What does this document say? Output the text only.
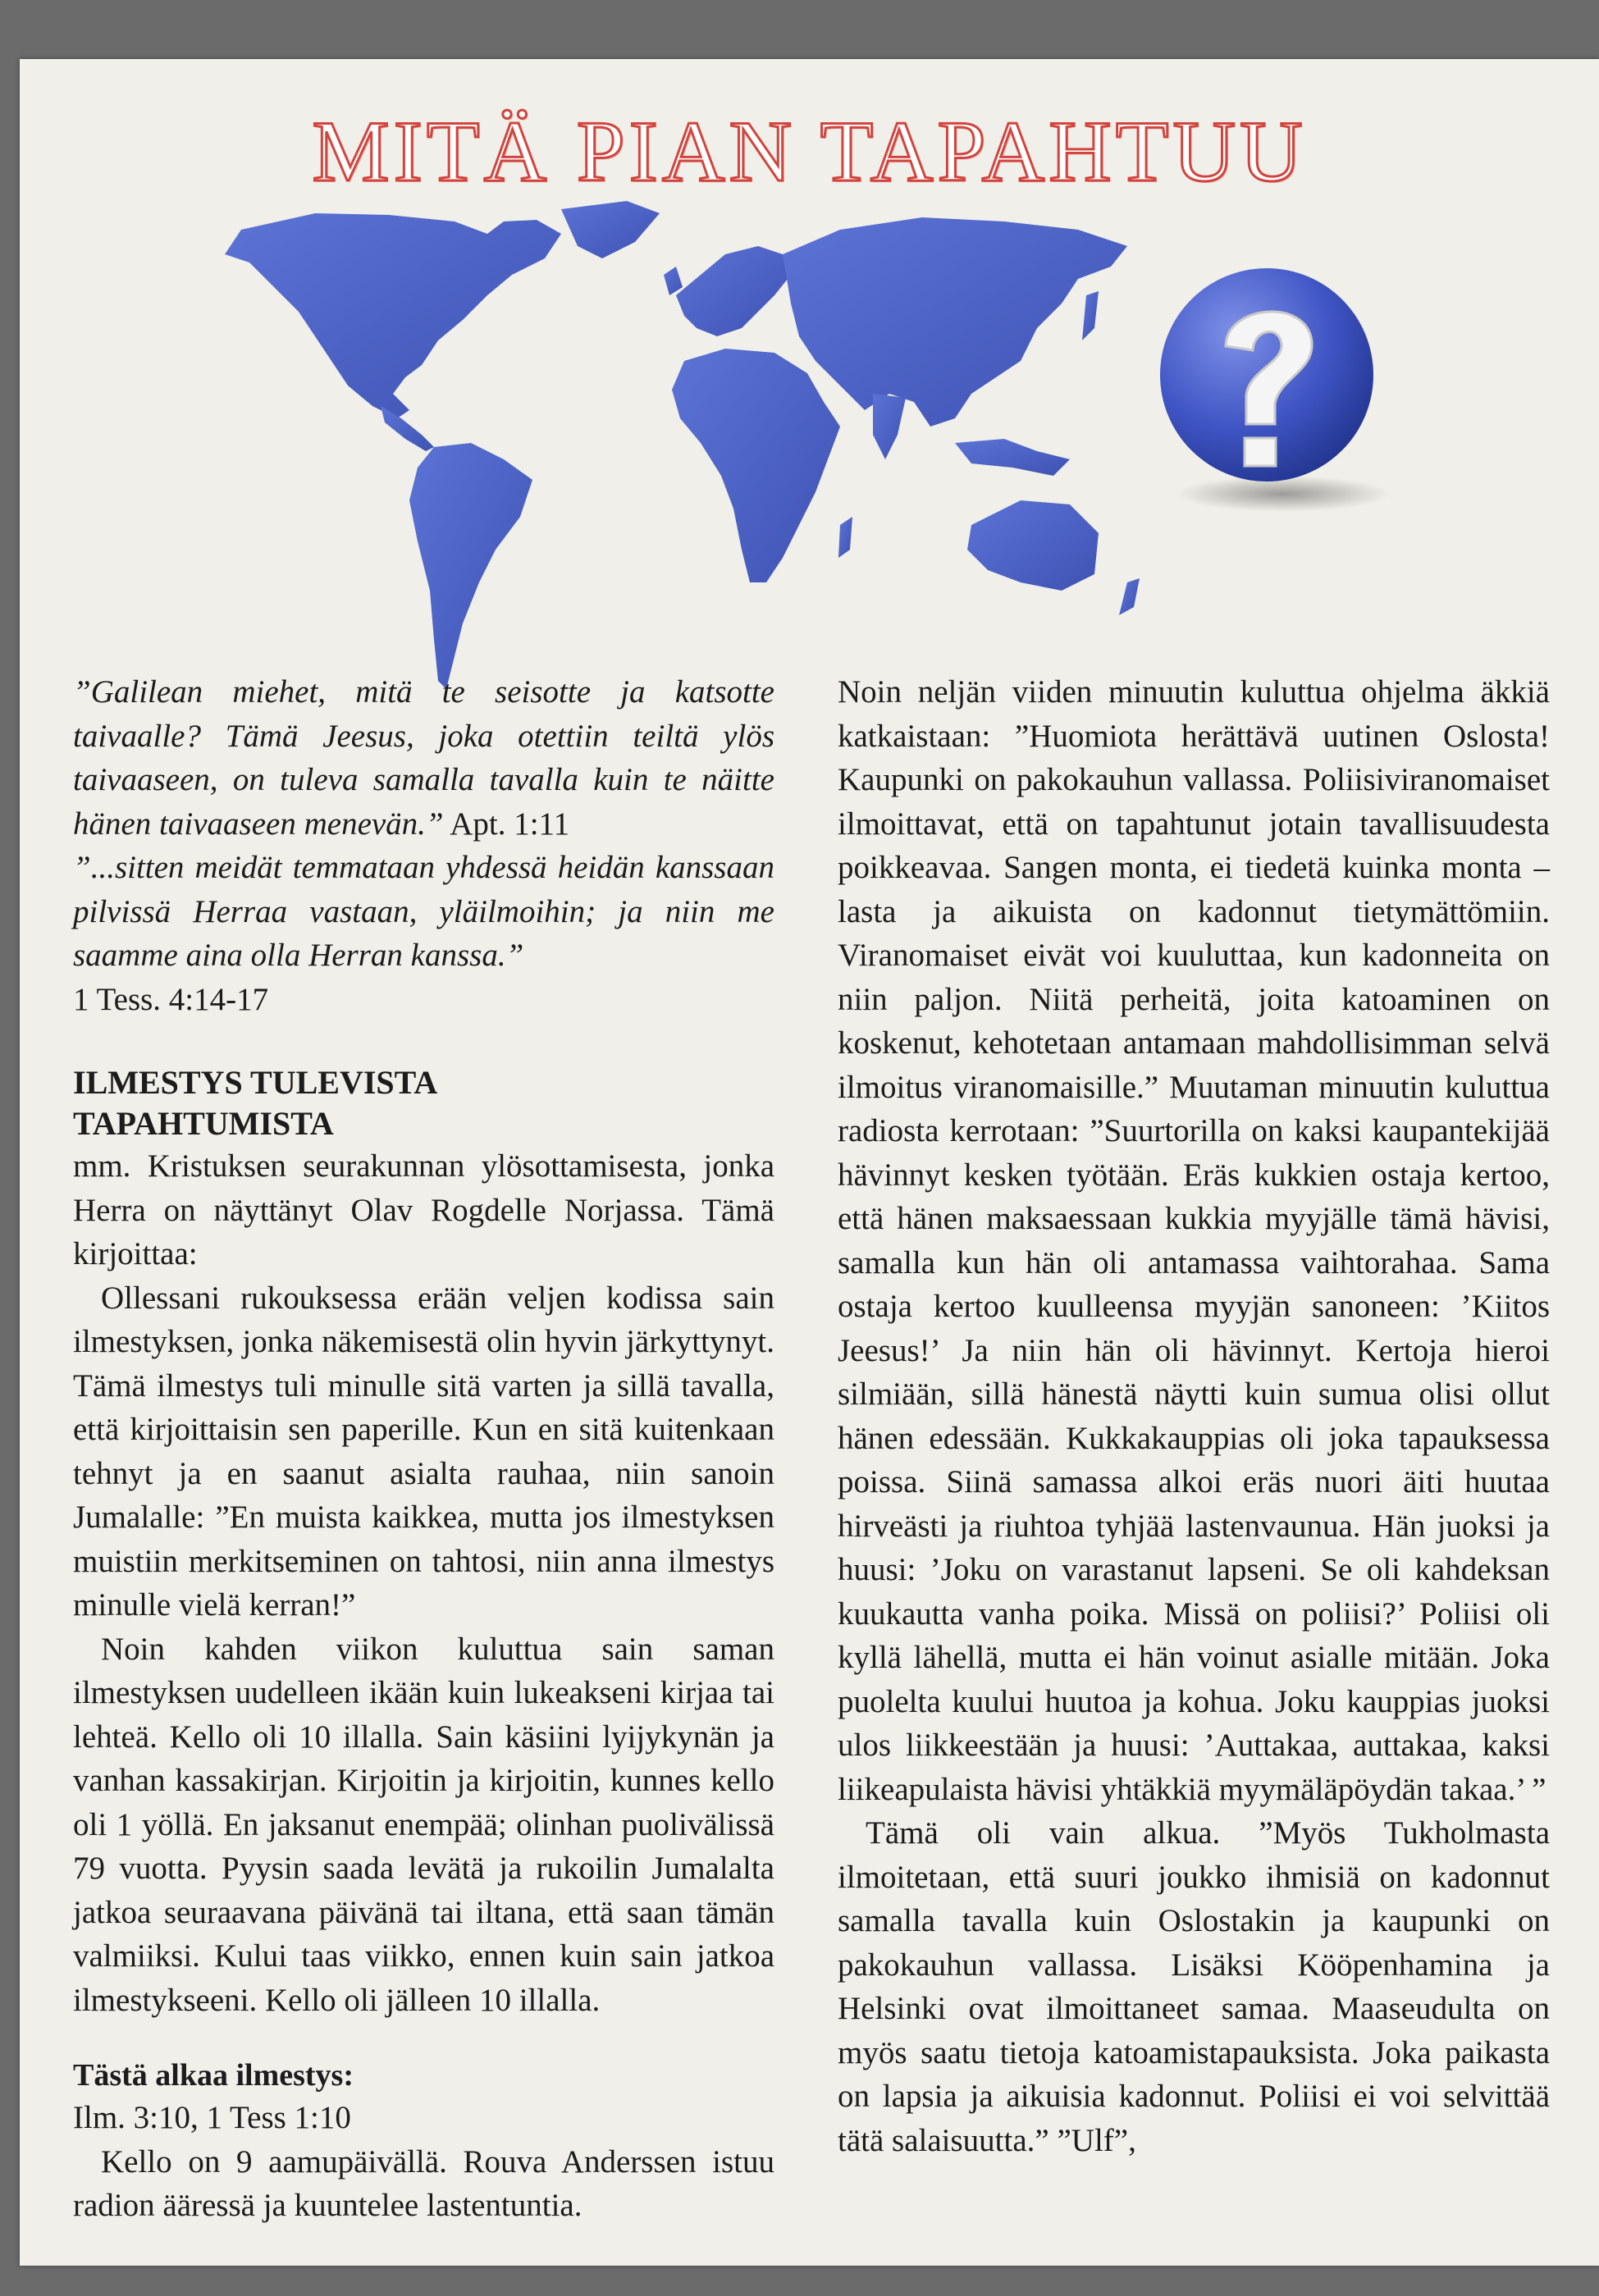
MITÄ PIAN TAPAHTUU

”Galilean miehet, mitä te seisotte ja katsotte taivaalle? Tämä Jeesus, joka otettiin teiltä ylös taivaaseen, on tuleva samalla tavalla kuin te näitte hänen taivaaseen menevän.” Apt. 1:11

”...sitten meidät temmataan yhdessä heidän kanssaan pilvissä Herraa vastaan, yläilmoihin; ja niin me saamme aina olla Herran kanssa.”

1 Tess. 4:14-17

ILMESTYS TULEVISTA TAPAHTUMISTA

mm. Kristuksen seurakunnan ylösottamisesta, jonka Herra on näyttänyt Olav Rogdelle Norjassa. Tämä kirjoittaa:

Ollessani rukouksessa erään veljen kodissa sain ilmestyksen, jonka näkemisestä olin hyvin järkyttynyt. Tämä ilmestys tuli minulle sitä varten ja sillä tavalla, että kirjoittaisin sen paperille. Kun en sitä kuitenkaan tehnyt ja en saanut asialta rauhaa, niin sanoin Jumalalle: ”En muista kaikkea, mutta jos ilmestyksen muistiin merkitseminen on tahtosi, niin anna ilmestys minulle vielä kerran!”

Noin kahden viikon kuluttua sain saman ilmestyksen uudelleen ikään kuin lukeakseni kirjaa tai lehteä. Kello oli 10 illalla. Sain käsiini lyijykynän ja vanhan kassakirjan. Kirjoitin ja kirjoitin, kunnes kello oli 1 yöllä. En jaksanut enempää; olinhan puolivälissä 79 vuotta. Pyysin saada levätä ja rukoilin Jumalalta jatkoa seuraavana päivänä tai iltana, että saan tämän valmiiksi. Kului taas viikko, ennen kuin sain jatkoa ilmestykseeni. Kello oli jälleen 10 illalla.

Tästä alkaa ilmestys:

Ilm. 3:10, 1 Tess 1:10

Kello on 9 aamupäivällä. Rouva Anderssen istuu radion ääressä ja kuuntelee lastentuntia.

Noin neljän viiden minuutin kuluttua ohjelma äkkiä katkaistaan: ”Huomiota herättävä uutinen Oslosta! Kaupunki on pakokauhun vallassa. Poliisiviranomaiset ilmoittavat, että on tapahtunut jotain tavallisuudesta poikkeavaa. Sangen monta, ei tiedetä kuinka monta – lasta ja aikuista on kadonnut tietymättömiin. Viranomaiset eivät voi kuuluttaa, kun kadonneita on niin paljon. Niitä perheitä, joita katoaminen on koskenut, kehotetaan antamaan mahdollisimman selvä ilmoitus viranomaisille.” Muutaman minuutin kuluttua radiosta kerrotaan: ”Suurtorilla on kaksi kaupantekijää hävinnyt kesken työtään. Eräs kukkien ostaja kertoo, että hänen maksaessaan kukkia myyjälle tämä hävisi, samalla kun hän oli antamassa vaihtorahaa. Sama ostaja kertoo kuulleensa myyjän sanoneen: ’Kiitos Jeesus!’ Ja niin hän oli hävinnyt. Kertoja hieroi silmiään, sillä hänestä näytti kuin sumua olisi ollut hänen edessään. Kukkakauppias oli joka tapauksessa poissa. Siinä samassa alkoi eräs nuori äiti huutaa hirveästi ja riuhtoa tyhjää lastenvaunua. Hän juoksi ja huusi: ’Joku on varastanut lapseni. Se oli kahdeksan kuukautta vanha poika. Missä on poliisi?’ Poliisi oli kyllä lähellä, mutta ei hän voinut asialle mitään. Joka puolelta kuului huutoa ja kohua. Joku kauppias juoksi ulos liikkeestään ja huusi: ’Auttakaa, auttakaa, kaksi liikeapulaista hävisi yhtäkkiä myymäläpöydän takaa.’ ”

Tämä oli vain alkua. ”Myös Tukholmasta ilmoitetaan, että suuri joukko ihmisiä on kadonnut samalla tavalla kuin Oslostakin ja kaupunki on pakokauhun vallassa. Lisäksi Kööpenhamina ja Helsinki ovat ilmoittaneet samaa. Maaseudulta on myös saatu tietoja katoamistapauksista. Joka paikasta on lapsia ja aikuisia kadonnut. Poliisi ei voi selvittää tätä salaisuutta.” ”Ulf”,
